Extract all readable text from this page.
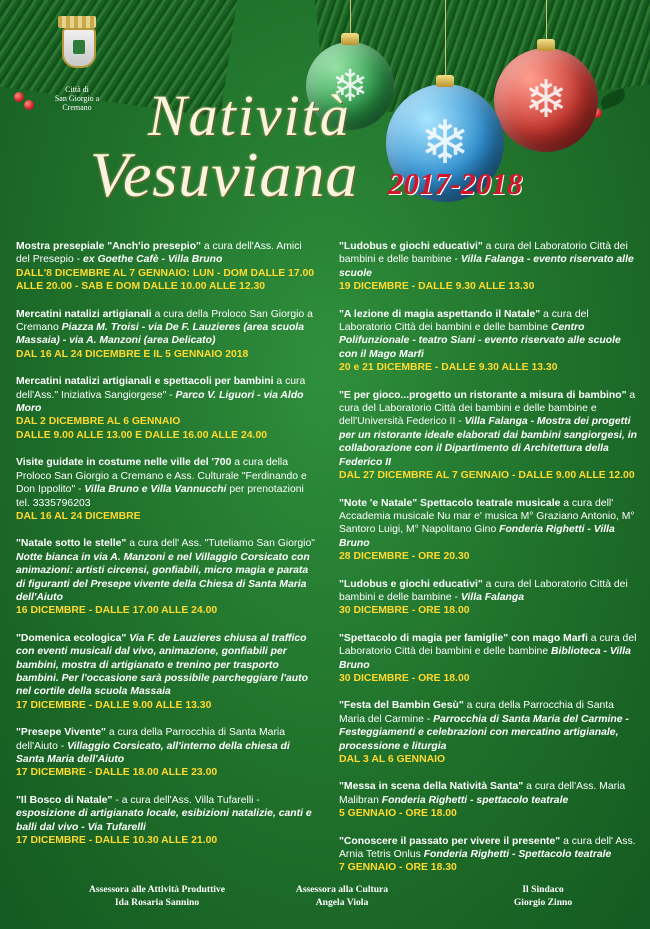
❄	❄
❄
Città di
San Giorgio a Cremano Natività
Vesuviana 2017-2018
Mostra presepiale "Anch'io presepio" a cura dell'Ass. Amici del Presepio - ex Goethe Cafè - Villa Bruno
DALL'8 DICEMBRE AL 7 GENNAIO: LUN - DOM DALLE 17.00 ALLE 20.00 - SAB E DOM DALLE 10.00 ALLE 12.30
Mercatini natalizi artigianali a cura della Proloco San Giorgio a Cremano Piazza M. Troisi - via De F. Lauzieres (area scuola Massaia) - via A. Manzoni (area Delicato)
DAL 16 AL 24 DICEMBRE E IL 5 GENNAIO 2018
Mercatini natalizi artigianali e spettacoli per bambini a cura dell'Ass." Iniziativa Sangiorgese" - Parco V. Liguori - via Aldo Moro
DAL 2 DICEMBRE AL 6 GENNAIO
DALLE 9.00 ALLE 13.00 E DALLE 16.00 ALLE 24.00
Visite guidate in costume nelle ville del '700 a cura della Proloco San Giorgio a Cremano e Ass. Culturale "Ferdinando e Don Ippolito" - Villa Bruno e Villa Vannucchi per prenotazioni tel. 3335796203
DAL 16 AL 24 DICEMBRE
"Natale sotto le stelle" a cura dell' Ass. "Tuteliamo San Giorgio" Notte bianca in via A. Manzoni e nel Villaggio Corsicato con animazioni: artisti circensi, gonfiabili, micro magia e parata di figuranti del Presepe vivente della Chiesa di Santa Maria dell'Aiuto
16 DICEMBRE - DALLE 17.00 ALLE 24.00
"Domenica ecologica" Via F. de Lauzieres chiusa al traffico con eventi musicali dal vivo, animazione, gonfiabili per bambini, mostra di artigianato e trenino per trasporto bambini. Per l'occasione sarà possibile parcheggiare l'auto nel cortile della scuola Massaia
17 DICEMBRE - DALLE 9.00 ALLE 13.30
"Presepe Vivente" a cura della Parrocchia di Santa Maria dell'Aiuto - Villaggio Corsicato, all'interno della chiesa di Santa Maria dell'Aiuto
17 DICEMBRE - DALLE 18.00 ALLE 23.00
"Il Bosco di Natale" - a cura dell'Ass. Villa Tufarelli - esposizione di artigianato locale, esibizioni natalizie, canti e balli dal vivo - Via Tufarelli
17 DICEMBRE - DALLE 10.30 ALLE 21.00
"Ludobus e giochi educativi" a cura del Laboratorio Città dei bambini e delle bambine - Villa Falanga - evento riservato alle scuole
19 DICEMBRE - DALLE 9.30 ALLE 13.30
"A lezione di magia aspettando il Natale" a cura del Laboratorio Città dei bambini e delle bambine Centro Polifunzionale - teatro Siani - evento riservato alle scuole con il Mago Marfi
20 e 21 DICEMBRE - DALLE 9.30 ALLE 13.30
"E per gioco...progetto un ristorante a misura di bambino" a cura del Laboratorio Città dei bambini e delle bambine e dell'Università Federico II - Villa Falanga - Mostra dei progetti per un ristorante ideale elaborati dai bambini sangiorgesi, in collaborazione con il Dipartimento di Architettura della Federico II
DAL 27 DICEMBRE AL 7 GENNAIO - DALLE 9.00 ALLE 12.00
"Note 'e Natale" Spettacolo teatrale musicale a cura dell' Accademia musicale Nu mar e' musica M° Graziano Antonio, M° Santoro Luigi, M° Napolitano Gino Fonderia Righetti - Villa Bruno
28 DICEMBRE - ORE 20.30
"Ludobus e giochi educativi" a cura del Laboratorio Città dei bambini e delle bambine - Villa Falanga
30 DICEMBRE - ORE 18.00
"Spettacolo di magia per famiglie" con mago Marfi a cura del Laboratorio Città dei bambini e delle bambine Biblioteca - Villa Bruno
30 DICEMBRE - ORE 18.00
"Festa del Bambin Gesù" a cura della Parrocchia di Santa Maria del Carmine - Parrocchia di Santa Maria del Carmine - Festeggiamenti e celebrazioni con mercatino artigianale, processione e liturgia
DAL 3 AL 6 GENNAIO
"Messa in scena della Natività Santa" a cura dell'Ass. Maria Malibran Fonderia Righetti - spettacolo teatrale
5 GENNAIO - ORE 18.00
"Conoscere il passato per vivere il presente" a cura dell' Ass. Arnia Tetris Onlus Fonderia Righetti - Spettacolo teatrale
7 GENNAIO - ORE 18.30
Assessora alle Attività Produttive
Ida Rosaria Sannino
Assessora alla Cultura
Angela Viola
Il Sindaco
Giorgio Zinno
